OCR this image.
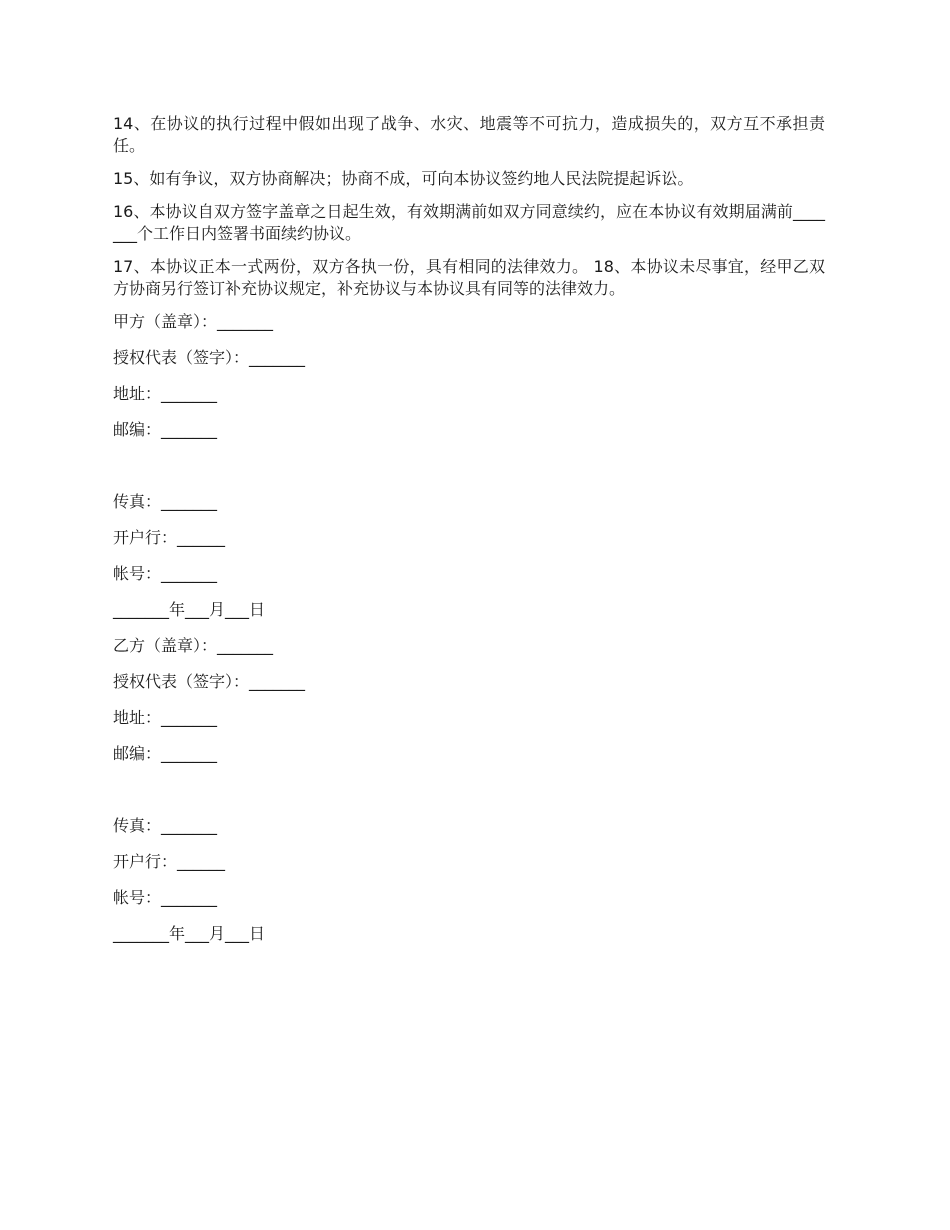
14、在协议的执行过程中假如出现了战争、水灾、地震等不可抗力，造成损失的，双方互不承担责任。

15、如有争议，双方协商解决；协商不成，可向本协议签约地人民法院提起诉讼。

16、本协议自双方签字盖章之日起生效，有效期满前如双方同意续约，应在本协议有效期届满前_______个工作日内签署书面续约协议。

17、本协议正本一式两份，双方各执一份，具有相同的法律效力。 18、本协议未尽事宜，经甲乙双方协商另行签订补充协议规定，补充协议与本协议具有同等的法律效力。

甲方（盖章）：_______

授权代表（签字）：_______

地址：_______

邮编：_______

传真：_______

开户行：______

帐号：_______

_______年___月___日

乙方（盖章）：_______

授权代表（签字）：_______

地址：_______

邮编：_______

传真：_______

开户行：______

帐号：_______

_______年___月___日
